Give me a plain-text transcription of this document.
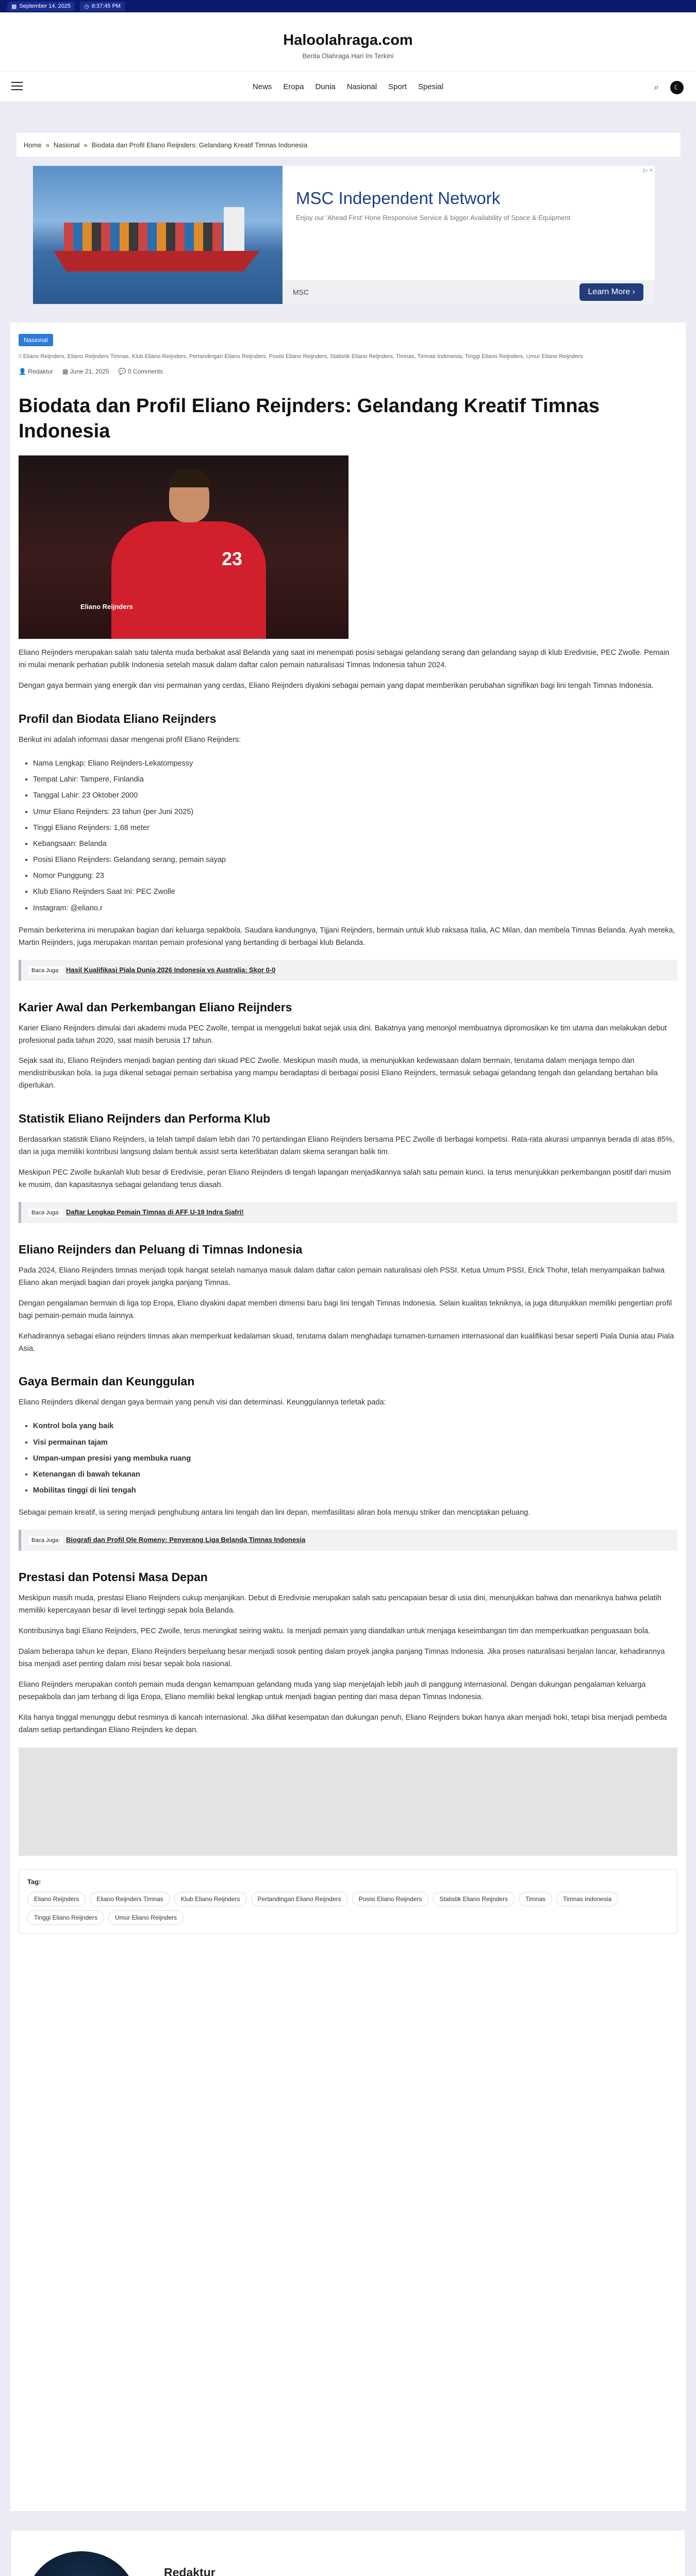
▦ September 14, 2025 ◷ 8:37:45 PM
Haloolahraga.com
Berita Olahraga Hari Ini Terkini
News Eropa Dunia Nasional Sport Spesial	⌕	☾
Home » Nasional » Biodata dan Profil Eliano Reijnders: Gelandang Kreatif Timnas Indonesia
MSC Independent Network
Enjoy our 'Ahead First' Hone Responsive Service & bigger Availability of Space & Equipment
MSC	Learn More ›
▷ ×
Nasional
⌑ Eliano Reijnders, Eliano Reijnders Timnas, Klub Eliano Reijnders, Pertandingan Eliano Reijnders, Posisi Eliano Reijnders, Statistik Eliano Reijnders, Timnas, Timnas Indonesia, Tinggi Eliano Reijnders, Umur Eliano Reijnders
👤 Redaktur ▦ June 21, 2025 💬 0 Comments
Biodata dan Profil Eliano Reijnders: Gelandang Kreatif Timnas Indonesia
23
Eliano Reijnders

Eliano Reijnders merupakan salah satu talenta muda berbakat asal Belanda yang saat ini menempati posisi sebagai gelandang serang dan gelandang sayap di klub Eredivisie, PEC Zwolle. Pemain ini mulai menarik perhatian publik Indonesia setelah masuk dalam daftar calon pemain naturalisasi Timnas Indonesia tahun 2024.

Dengan gaya bermain yang energik dan visi permainan yang cerdas, Eliano Reijnders diyakini sebagai pemain yang dapat memberikan perubahan signifikan bagi lini tengah Timnas Indonesia.

Profil dan Biodata Eliano Reijnders

Berikut ini adalah informasi dasar mengenai profil Eliano Reijnders:

• Nama Lengkap: Eliano Reijnders-Lekatompessy
• Tempat Lahir: Tampere, Finlandia
• Tanggal Lahir: 23 Oktober 2000
• Umur Eliano Reijnders: 23 tahun (per Juni 2025)
• Tinggi Eliano Reijnders: 1,68 meter
• Kebangsaan: Belanda
• Posisi Eliano Reijnders: Gelandang serang, pemain sayap
• Nomor Punggung: 23
• Klub Eliano Reijnders Saat Ini: PEC Zwolle
• Instagram: @eliano.r

Pemain berketerima ini merupakan bagian dari keluarga sepakbola. Saudara kandungnya, Tijjani Reijnders, bermain untuk klub raksasa Italia, AC Milan, dan membela Timnas Belanda. Ayah mereka, Martin Reijnders, juga merupakan mantan pemain profesional yang bertanding di berbagai klub Belanda.

Baca Juga: Hasil Kualifikasi Piala Dunia 2026 Indonesia vs Australia: Skor 0-0
Karier Awal dan Perkembangan Eliano Reijnders

Karier Eliano Reijnders dimulai dari akademi muda PEC Zwolle, tempat ia menggeluti bakat sejak usia dini. Bakatnya yang menonjol membuatnya dipromosikan ke tim utama dan melakukan debut profesional pada tahun 2020, saat masih berusia 17 tahun.

Sejak saat itu, Eliano Reijnders menjadi bagian penting dari skuad PEC Zwolle. Meskipun masih muda, ia menunjukkan kedewasaan dalam bermain, terutama dalam menjaga tempo dan mendistribusikan bola. Ia juga dikenal sebagai pemain serbabisa yang mampu beradaptasi di berbagai posisi Eliano Reijnders, termasuk sebagai gelandang tengah dan gelandang bertahan bila diperlukan.

Statistik Eliano Reijnders dan Performa Klub

Berdasarkan statistik Eliano Reijnders, ia telah tampil dalam lebih dari 70 pertandingan Eliano Reijnders bersama PEC Zwolle di berbagai kompetisi. Rata-rata akurasi umpannya berada di atas 85%, dan ia juga memiliki kontribusi langsung dalam bentuk assist serta keterlibatan dalam skema serangan balik tim.

Meskipun PEC Zwolle bukanlah klub besar di Eredivisie, peran Eliano Reijnders di tengah lapangan menjadikannya salah satu pemain kunci. Ia terus menunjukkan perkembangan positif dari musim ke musim, dan kapasitasnya sebagai gelandang terus diasah.

Baca Juga: Daftar Lengkap Pemain Timnas di AFF U-19 Indra Sjafri!
Eliano Reijnders dan Peluang di Timnas Indonesia

Pada 2024, Eliano Reijnders timnas menjadi topik hangat setelah namanya masuk dalam daftar calon pemain naturalisasi oleh PSSI. Ketua Umum PSSI, Erick Thohir, telah menyampaikan bahwa Eliano akan menjadi bagian dari proyek jangka panjang Timnas.

Dengan pengalaman bermain di liga top Eropa, Eliano diyakini dapat memberi dimensi baru bagi lini tengah Timnas Indonesia. Selain kualitas tekniknya, ia juga ditunjukkan memiliki pengertian profil bagi pemain-pemain muda lainnya.

Kehadirannya sebagai eliano reijnders timnas akan memperkuat kedalaman skuad, terutama dalam menghadapi turnamen-turnamen internasional dan kualifikasi besar seperti Piala Dunia atau Piala Asia.

Gaya Bermain dan Keunggulan

Eliano Reijnders dikenal dengan gaya bermain yang penuh visi dan determinasi. Keunggulannya terletak pada:

• Kontrol bola yang baik
• Visi permainan tajam
• Umpan-umpan presisi yang membuka ruang
• Ketenangan di bawah tekanan
• Mobilitas tinggi di lini tengah

Sebagai pemain kreatif, ia sering menjadi penghubung antara lini tengah dan lini depan, memfasilitasi aliran bola menuju striker dan menciptakan peluang.

Baca Juga: Biografi dan Profil Ole Romeny: Penyerang Liga Belanda Timnas Indonesia
Prestasi dan Potensi Masa Depan

Meskipun masih muda, prestasi Eliano Reijnders cukup menjanjikan. Debut di Eredivisie merupakan salah satu pencapaian besar di usia dini, menunjukkan bahwa dan menariknya bahwa pelatih memiliki kepercayaan besar di level tertinggi sepak bola Belanda.

Kontribusinya bagi Eliano Reijnders, PEC Zwolle, terus meningkat seiring waktu. Ia menjadi pemain yang diandalkan untuk menjaga keseimbangan tim dan memperkuatkan penguasaan bola.

Dalam beberapa tahun ke depan, Eliano Reijnders berpeluang besar menjadi sosok penting dalam proyek jangka panjang Timnas Indonesia. Jika proses naturalisasi berjalan lancar, kehadirannya bisa menjadi aset penting dalam misi besar sepak bola nasional.

Eliano Reijnders merupakan contoh pemain muda dengan kemampuan gelandang muda yang siap menjelajah lebih jauh di panggung internasional. Dengan dukungan pengalaman keluarga pesepakbola dan jam terbang di liga Eropa, Eliano memiliki bekal lengkap untuk menjadi bagian penting dari masa depan Timnas Indonesia.

Kita hanya tinggal menunggu debut resminya di kancah internasional. Jika dilihat kesempatan dan dukungan penuh, Eliano Reijnders bukan hanya akan menjadi hoki, tetapi bisa menjadi pembeda dalam setiap pertandingan Eliano Reijnders ke depan.

Tag:
Eliano Reijnders	Eliano Reijnders Timnas	Klub Eliano Reijnders	Pertandingan Eliano Reijnders	Posisi Eliano Reijnders	Statistik Eliano Reijnders	Timnas	Timnas Indonesia
Tinggi Eliano Reijnders	Umur Eliano Reijnders
Redaktur
